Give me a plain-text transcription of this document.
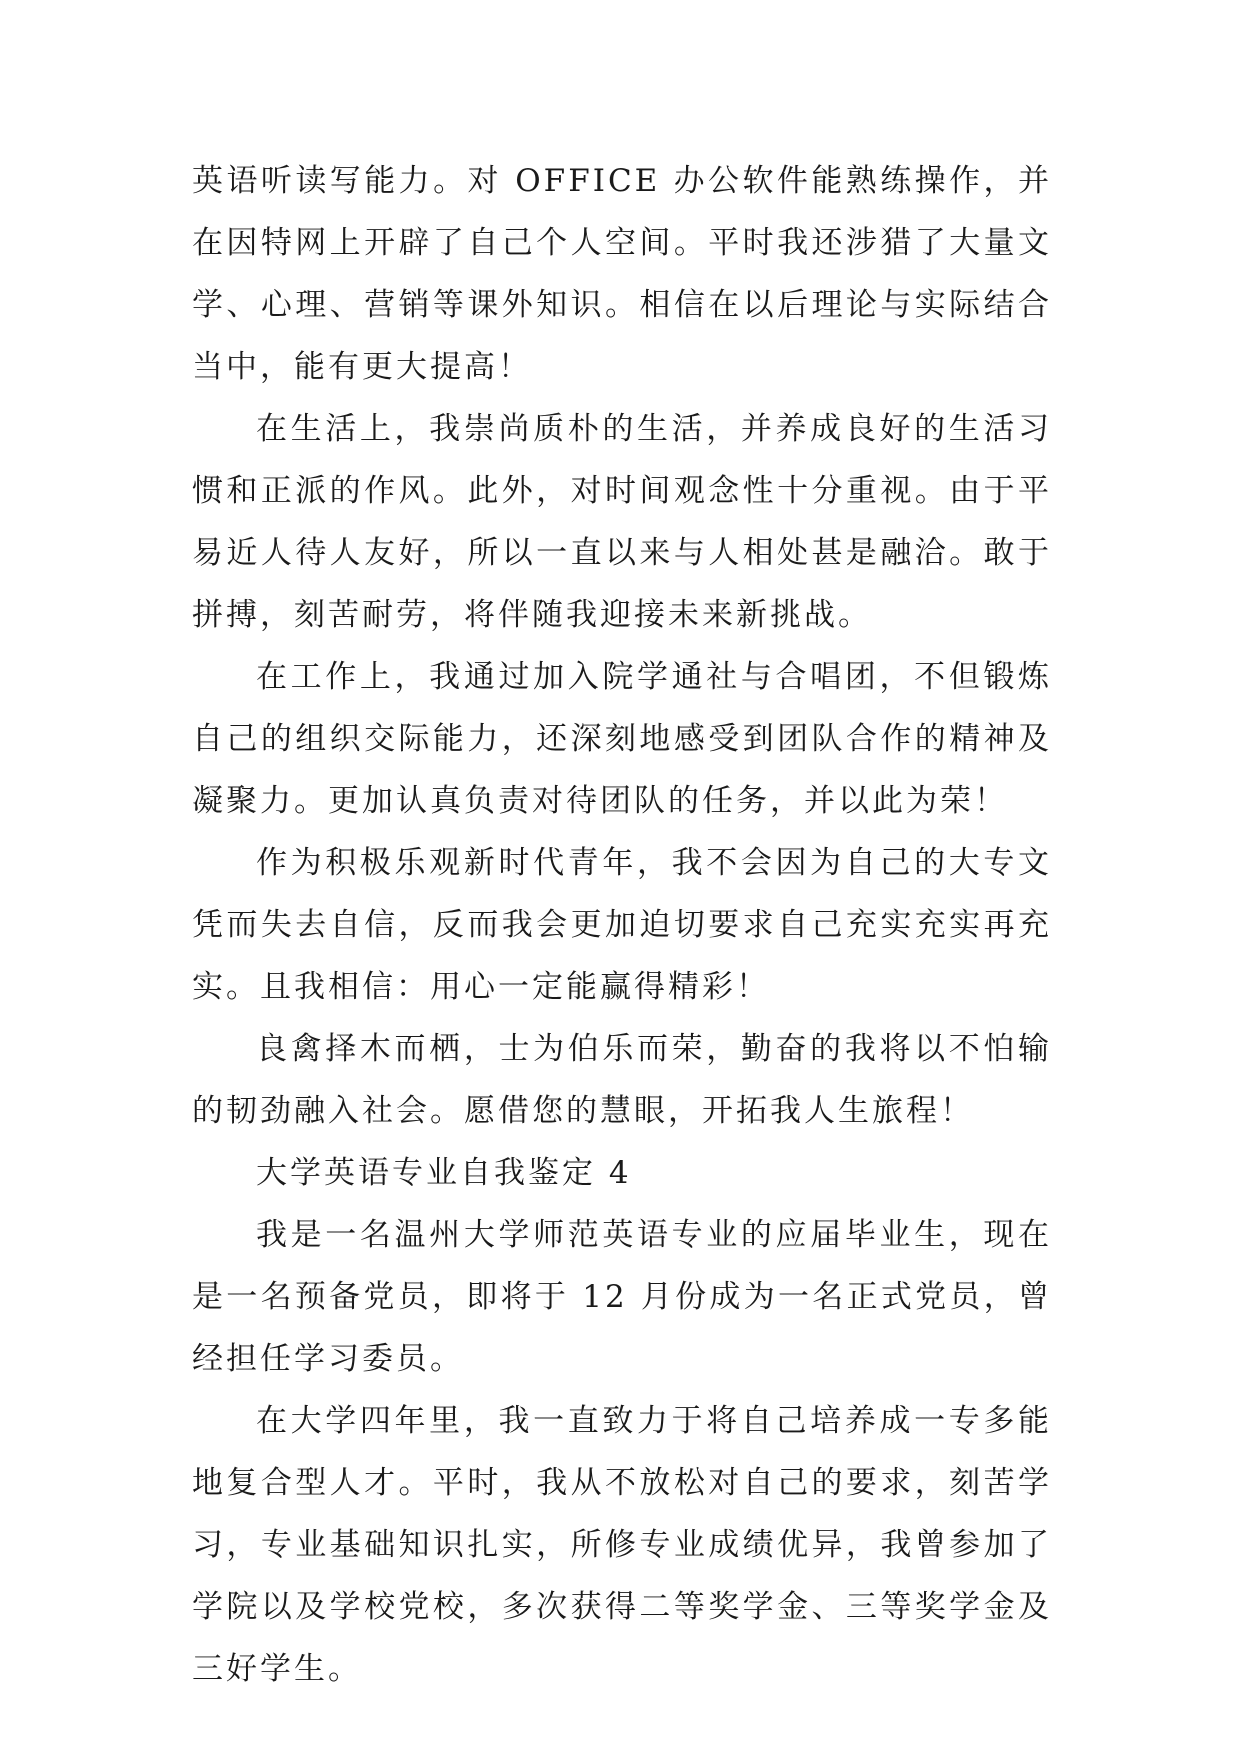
英语听读写能力。对 OFFICE 办公软件能熟练操作，并在因特网上开辟了自己个人空间。平时我还涉猎了大量文学、心理、营销等课外知识。相信在以后理论与实际结合当中，能有更大提高！

在生活上，我崇尚质朴的生活，并养成良好的生活习惯和正派的作风。此外，对时间观念性十分重视。由于平易近人待人友好，所以一直以来与人相处甚是融洽。敢于拼搏，刻苦耐劳，将伴随我迎接未来新挑战。

在工作上，我通过加入院学通社与合唱团，不但锻炼自己的组织交际能力，还深刻地感受到团队合作的精神及凝聚力。更加认真负责对待团队的任务，并以此为荣！

作为积极乐观新时代青年，我不会因为自己的大专文凭而失去自信，反而我会更加迫切要求自己充实充实再充实。且我相信：用心一定能赢得精彩！

良禽择木而栖，士为伯乐而荣，勤奋的我将以不怕输的韧劲融入社会。愿借您的慧眼，开拓我人生旅程！

大学英语专业自我鉴定 4

我是一名温州大学师范英语专业的应届毕业生，现在是一名预备党员，即将于 12 月份成为一名正式党员，曾经担任学习委员。

在大学四年里，我一直致力于将自己培养成一专多能地复合型人才。平时，我从不放松对自己的要求，刻苦学习，专业基础知识扎实，所修专业成绩优异，我曾参加了学院以及学校党校，多次获得二等奖学金、三等奖学金及三好学生。
